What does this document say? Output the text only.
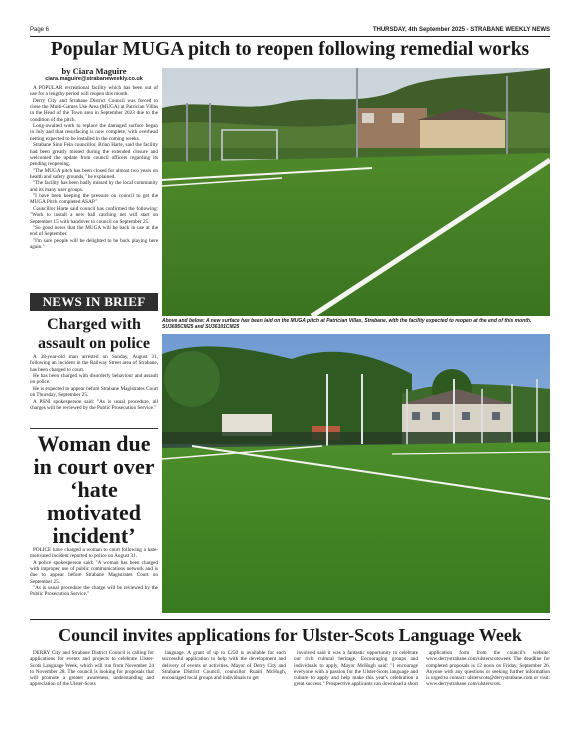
Page 6	THURSDAY, 4th September 2025 - STRABANE WEEKLY NEWS
Popular MUGA pitch to reopen following remedial works
by Ciara Maguire
ciara.maguire@strabaneweekly.co.uk

A POPULAR recreational facility which has been out of use for a lengthy period will reopen this month.

Derry City and Strabane District Council was forced to close the Multi-Games Use Area (MUGA) at Patrician Villas in the Head of the Town area in September 2023 due to the condition of the pitch.

Long-awaited work to replace the damaged surface began in July and that resurfacing is now complete, with overhead netting expected to be installed in the coming weeks.

Strabane Sinn Fein councillor, Brian Harte, said the facility had been greatly missed during the extended closure and welcomed the update from council officers regarding its pending reopening.

"The MUGA pitch has been closed for almost two years on health and safety grounds," he explained.

"The facility has been badly missed by the local community and its many user groups.

"I have been keeping the pressure on council to get the MUGA Pitch completed ASAP."

Councillor Harte said council has confirmed the following: "Work to install a new ball catching net will start on September 15 with handover to council on September 25.

"So good news that the MUGA will be back in use at the end of September.

"I'm sure people will be delighted to be back playing here again."

NEWS IN BRIEF
Charged with assault on police

A 38-year-old man arrested on Sunday, August 31, following an incident in the Railway Street area of Strabane, has been charged to court.

He has been charged with disorderly behaviour and assault on police.

He is expected to appear before Strabane Magistrates Court on Thursday, September 25.

A PSNI spokesperson said: "As is usual procedure, all charges will be reviewed by the Public Prosecution Service."

Woman due in court over ‘hate motivated incident’

POLICE have charged a woman to court following a hate-motivated incident reported to police on August 31.

A police spokesperson said: "A woman has been charged with improper use of public communications network and is due to appear before Strabane Magistrates Court on September 25.

"As is usual procedure the charge will be reviewed by the Public Prosecution Service."

Above and below: A new surface has been laid on the MUGA pitch at Patrician Villas, Strabane, with the facility expected to reopen at the end of this month. SU3695CM25 and SU36101CM25
Council invites applications for Ulster-Scots Language Week

DERRY City and Strabane District Council is calling for applications for events and projects to celebrate Ulster-Scots Language Week, which will run from November 24 to November 28. The council is looking for proposals that will promote a greater awareness, understanding and appreciation of the Ulster-Scots

language. A grant of up to £250 is available for each successful application to help with the development and delivery of events or activities. Mayor of Derry City and Strabane District Council, councillor Ruairi McHugh, encouraged local groups and individuals to get

involved said it was a fantastic opportunity to celebrate our rich cultural heritage. Encouraging groups and individuals to apply, Mayor McHugh said: "I encourage everyone with a passion for the Ulster-Scots language and culture to apply and help make this year's celebration a great success." Prospective applicants can download a short

application form from the council's website: www.derrystrabane.com/ulsterscotsweek The deadline for completed proposals is 12 noon on Friday, September 26. Anyone with any questions or seeking further information is urged to contact: ulsterscots@derrystrabane.com or visit: www.derrystrabane.com/ulsterscots.
